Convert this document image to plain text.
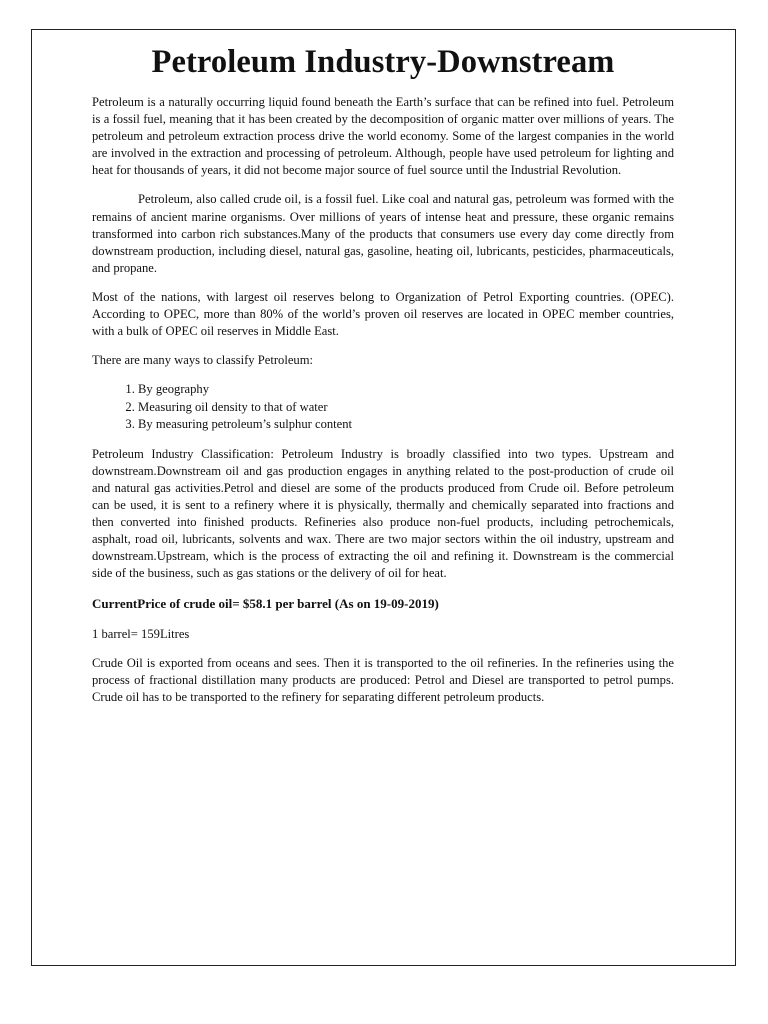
Petroleum Industry-Downstream

Petroleum is a naturally occurring liquid found beneath the Earth’s surface that can be refined into fuel. Petroleum is a fossil fuel, meaning that it has been created by the decomposition of organic matter over millions of years. The petroleum and petroleum extraction process drive the world economy. Some of the largest companies in the world are involved in the extraction and processing of petroleum. Although, people have used petroleum for lighting and heat for thousands of years, it did not become major source of fuel source until the Industrial Revolution.

Petroleum, also called crude oil, is a fossil fuel. Like coal and natural gas, petroleum was formed with the remains of ancient marine organisms. Over millions of years of intense heat and pressure, these organic remains transformed into carbon rich substances.Many of the products that consumers use every day come directly from downstream production, including diesel, natural gas, gasoline, heating oil, lubricants, pesticides, pharmaceuticals, and propane.

Most of the nations, with largest oil reserves belong to Organization of Petrol Exporting countries. (OPEC). According to OPEC, more than 80% of the world’s proven oil reserves are located in OPEC member countries, with a bulk of OPEC oil reserves in Middle East.

There are many ways to classify Petroleum:

1. By geography
2. Measuring oil density to that of water
3. By measuring petroleum’s sulphur content

Petroleum Industry Classification: Petroleum Industry is broadly classified into two types. Upstream and downstream.Downstream oil and gas production engages in anything related to the post-production of crude oil and natural gas activities.Petrol and diesel are some of the products produced from Crude oil. Before petroleum can be used, it is sent to a refinery where it is physically, thermally and chemically separated into fractions and then converted into finished products. Refineries also produce non-fuel products, including petrochemicals, asphalt, road oil, lubricants, solvents and wax. There are two major sectors within the oil industry, upstream and downstream.Upstream, which is the process of extracting the oil and refining it. Downstream is the commercial side of the business, such as gas stations or the delivery of oil for heat.

CurrentPrice of crude oil= $58.1 per barrel (As on 19-09-2019)

1 barrel= 159Litres

Crude Oil is exported from oceans and sees. Then it is transported to the oil refineries. In the refineries using the process of fractional distillation many products are produced: Petrol and Diesel are transported to petrol pumps. Crude oil has to be transported to the refinery for separating different petroleum products.
